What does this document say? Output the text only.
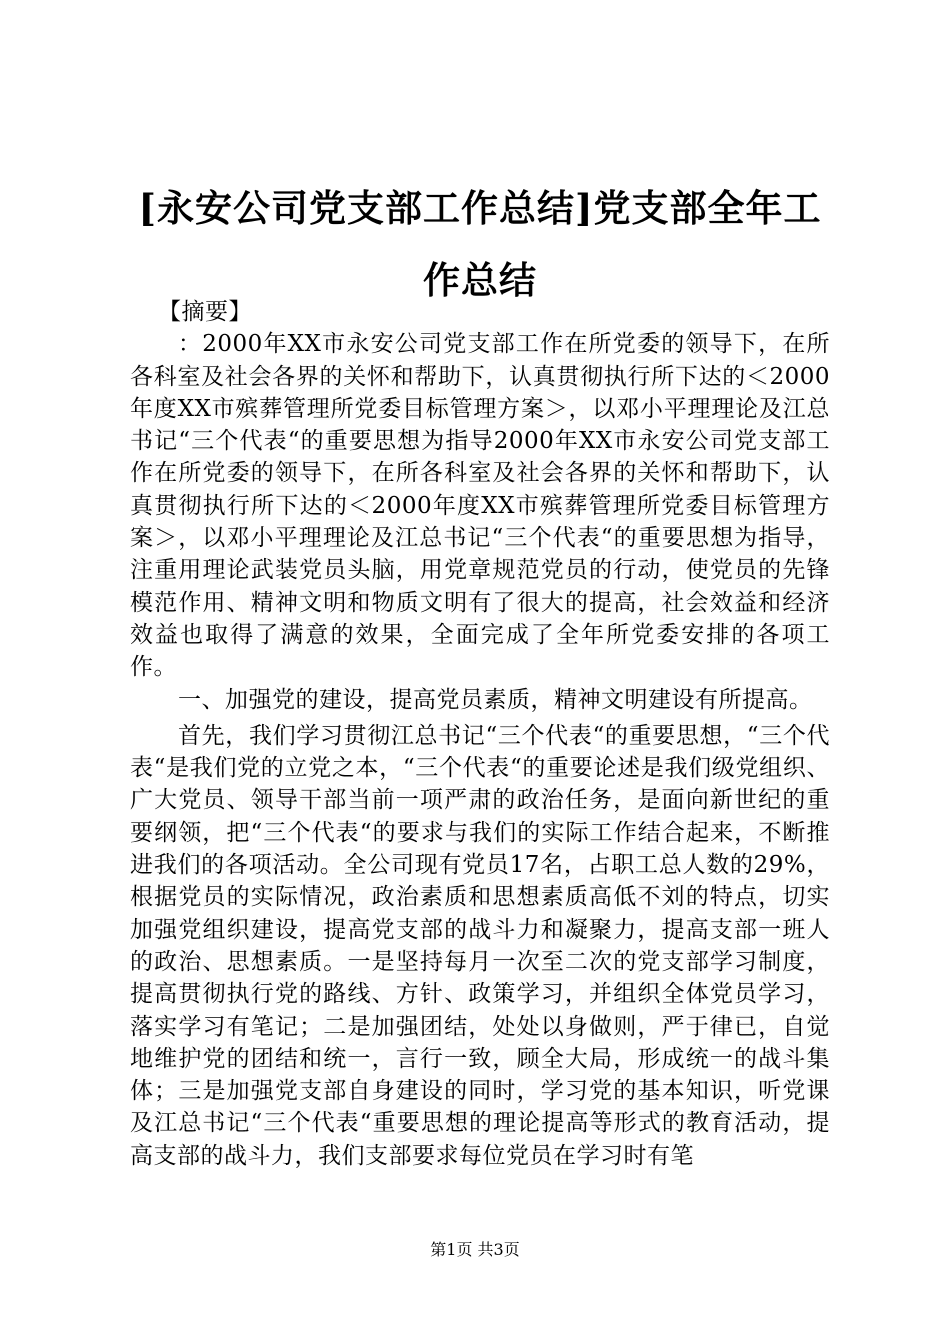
[永安公司党支部工作总结]党支部全年工作总结

【摘要】

：2000年XX市永安公司党支部工作在所党委的领导下，在所各科室及社会各界的关怀和帮助下，认真贯彻执行所下达的＜2000年度XX市殡葬管理所党委目标管理方案＞，以邓小平理理论及江总书记“三个代表“的重要思想为指导2000年XX市永安公司党支部工作在所党委的领导下，在所各科室及社会各界的关怀和帮助下，认真贯彻执行所下达的＜2000年度XX市殡葬管理所党委目标管理方案＞，以邓小平理理论及江总书记“三个代表“的重要思想为指导，注重用理论武装党员头脑，用党章规范党员的行动，使党员的先锋模范作用、精神文明和物质文明有了很大的提高，社会效益和经济效益也取得了满意的效果，全面完成了全年所党委安排的各项工作。

一、加强党的建设，提高党员素质，精神文明建设有所提高。

首先，我们学习贯彻江总书记“三个代表“的重要思想，“三个代表“是我们党的立党之本，“三个代表“的重要论述是我们级党组织、广大党员、领导干部当前一项严肃的政治任务，是面向新世纪的重要纲领，把“三个代表“的要求与我们的实际工作结合起来，不断推进我们的各项活动。全公司现有党员17名，占职工总人数的29%，根据党员的实际情况，政治素质和思想素质高低不刘的特点，切实加强党组织建设，提高党支部的战斗力和凝聚力，提高支部一班人的政治、思想素质。一是坚持每月一次至二次的党支部学习制度，提高贯彻执行党的路线、方针、政策学习，并组织全体党员学习，落实学习有笔记；二是加强团结，处处以身做则，严于律已，自觉地维护党的团结和统一，言行一致，顾全大局，形成统一的战斗集体；三是加强党支部自身建设的同时，学习党的基本知识，听党课及江总书记“三个代表“重要思想的理论提高等形式的教育活动，提高支部的战斗力，我们支部要求每位党员在学习时有笔

第1页 共3页
